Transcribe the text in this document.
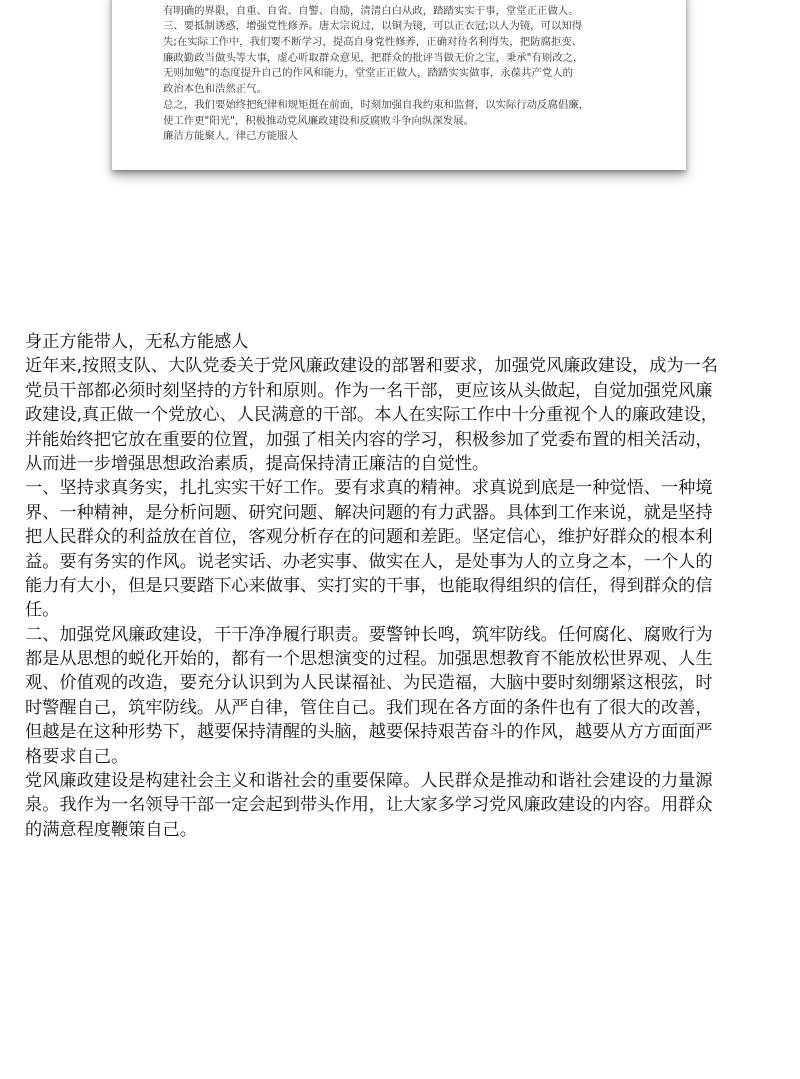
有明确的界限，自重、自省、自警、自励，清清白白从政，踏踏实实干事，堂堂正正做人。
三、要抵制诱惑，增强党性修养。唐太宗说过，以铜为镜，可以正衣冠;以人为镜，可以知得
失;在实际工作中，我们要不断学习，提高自身党性修养，正确对待名利得失，把防腐拒变、
廉政勤政当做头等大事，虚心听取群众意见，把群众的批评当做无价之宝，秉承"有则改之，
无则加勉"的态度提升自己的作风和能力，堂堂正正做人，踏踏实实做事，永葆共产党人的
政治本色和浩然正气。
总之，我们要始终把纪律和规矩挺在前面，时刻加强自我约束和监督，以实际行动反腐倡廉，
使工作更"阳光"，积极推动党风廉政建设和反腐败斗争向纵深发展。
廉洁方能聚人，律己方能服人
身正方能带人，无私方能感人
近年来,按照支队、大队党委关于党风廉政建设的部署和要求，加强党风廉政建设，成为一名
党员干部都必须时刻坚持的方针和原则。作为一名干部，更应该从头做起，自觉加强党风廉
政建设,真正做一个党放心、人民满意的干部。本人在实际工作中十分重视个人的廉政建设，
并能始终把它放在重要的位置，加强了相关内容的学习，积极参加了党委布置的相关活动，
从而进一步增强思想政治素质，提高保持清正廉洁的自觉性。
一、坚持求真务实，扎扎实实干好工作。要有求真的精神。求真说到底是一种觉悟、一种境
界、一种精神，是分析问题、研究问题、解决问题的有力武器。具体到工作来说，就是坚持
把人民群众的利益放在首位，客观分析存在的问题和差距。坚定信心，维护好群众的根本利
益。要有务实的作风。说老实话、办老实事、做实在人，是处事为人的立身之本，一个人的
能力有大小，但是只要踏下心来做事、实打实的干事，也能取得组织的信任，得到群众的信
任。
二、加强党风廉政建设，干干净净履行职责。要警钟长鸣，筑牢防线。任何腐化、腐败行为
都是从思想的蜕化开始的，都有一个思想演变的过程。加强思想教育不能放松世界观、人生
观、价值观的改造，要充分认识到为人民谋福祉、为民造福，大脑中要时刻绷紧这根弦，时
时警醒自己，筑牢防线。从严自律，管住自己。我们现在各方面的条件也有了很大的改善，
但越是在这种形势下，越要保持清醒的头脑，越要保持艰苦奋斗的作风，越要从方方面面严
格要求自己。
党风廉政建设是构建社会主义和谐社会的重要保障。人民群众是推动和谐社会建设的力量源
泉。我作为一名领导干部一定会起到带头作用，让大家多学习党风廉政建设的内容。用群众
的满意程度鞭策自己。
